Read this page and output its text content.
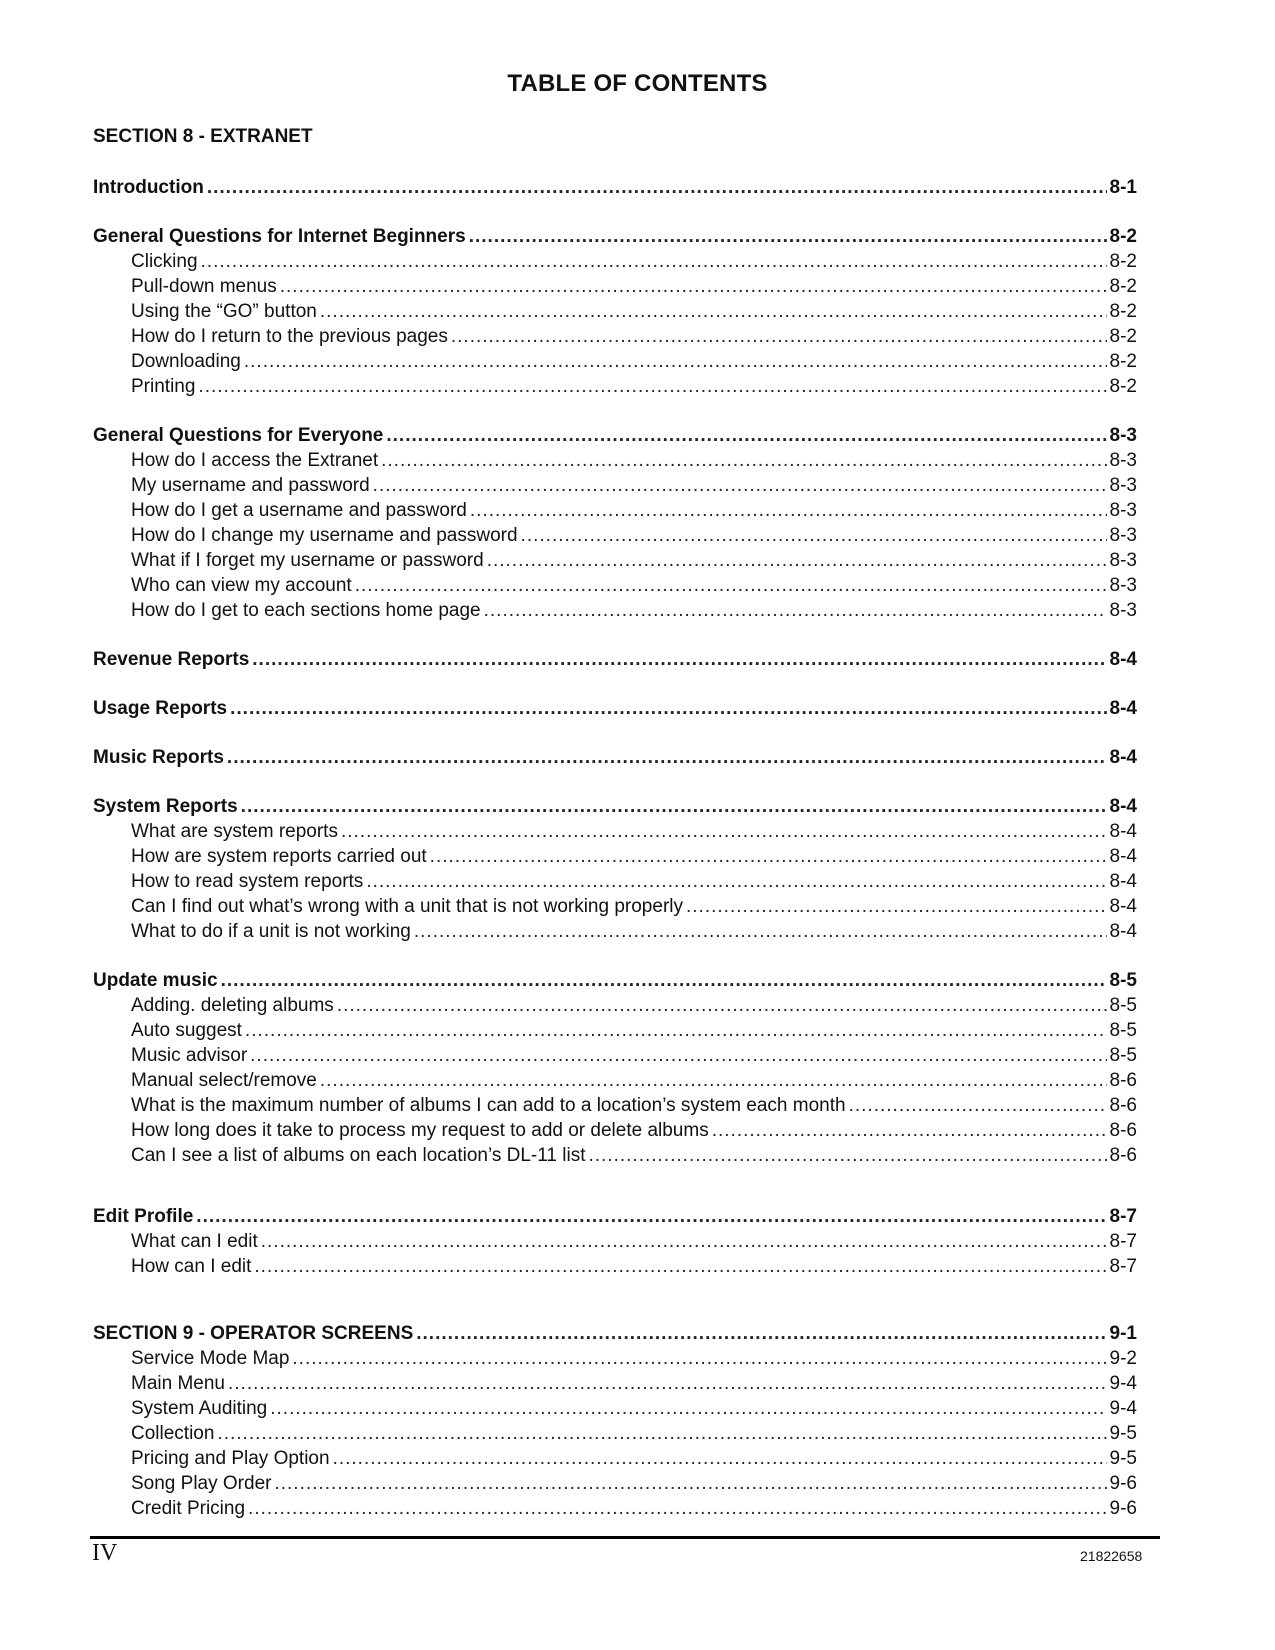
TABLE OF CONTENTS
SECTION 8 - EXTRANET
Introduction .....	8-1
General Questions for Internet Beginners .....	8-2
Clicking .....	8-2
Pull-down menus .....	8-2
Using the “GO” button .....	8-2
How do I return to the previous pages .....	8-2
Downloading .....	8-2
Printing .....	8-2
General Questions for Everyone .....	8-3
How do I access the Extranet .....	8-3
My username and password .....	8-3
How do I get a username and password .....	8-3
How do I change my username and password .....	8-3
What if I forget my username or password .....	8-3
Who can view my account .....	8-3
How do I get to each sections home page .....	8-3
Revenue Reports .....	8-4
Usage Reports .....	8-4
Music Reports .....	8-4
System Reports .....	8-4
What are system reports .....	8-4
How are system reports carried out .....	8-4
How to read system reports .....	8-4
Can I find out what’s wrong with a unit that is not working properly .....	8-4
What to do if a unit is not working .....	8-4
Update music .....	8-5
Adding. deleting albums .....	8-5
Auto suggest .....	8-5
Music advisor .....	8-5
Manual select/remove .....	8-6
What is the maximum number of albums I can add to a location’s system each month .....	8-6
How long does it take to process my request to add or delete albums .....	8-6
Can I see a list of albums on each location’s DL-11 list .....	8-6
Edit Profile .....	8-7
What can I edit .....	8-7
How can I edit .....	8-7
SECTION 9 - OPERATOR SCREENS .....	9-1
Service Mode Map .....	9-2
Main Menu .....	9-4
System Auditing .....	9-4
Collection .....	9-5
Pricing and Play Option .....	9-5
Song Play Order .....	9-6
Credit Pricing .....	9-6
IV	21822658
